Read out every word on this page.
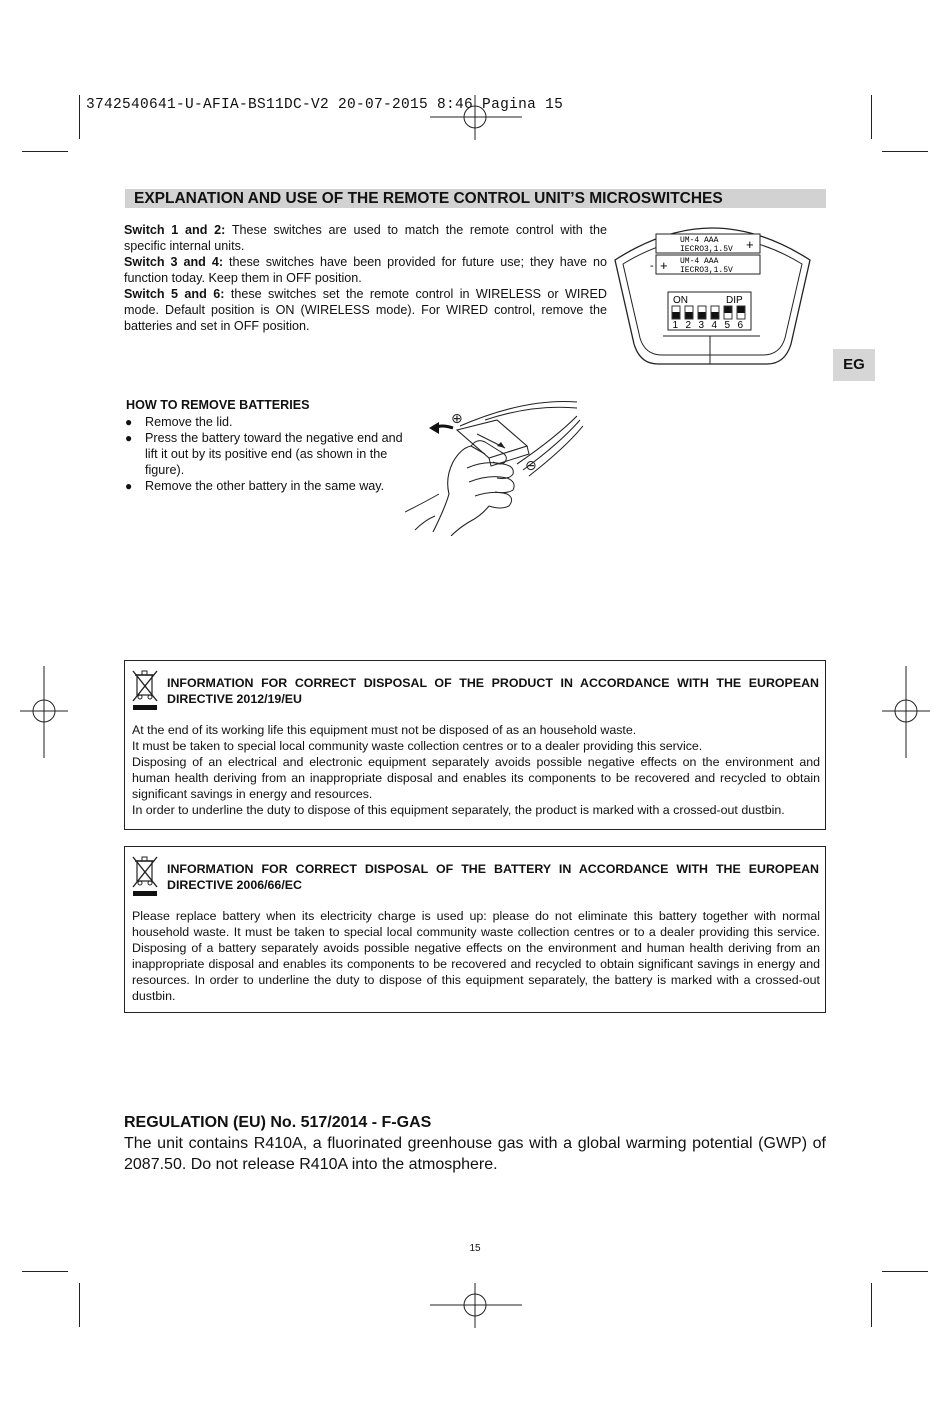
3742540641-U-AFIA-BS11DC-V2 20-07-2015 8:46 Pagina 15
EXPLANATION AND USE OF THE REMOTE CONTROL UNIT’S MICROSWITCHES

Switch 1 and 2: These switches are used to match the remote control with the specific internal units.

Switch 3 and 4: these switches have been provided for future use; they have no function today. Keep them in OFF position.

Switch 5 and 6: these switches set the remote control in WIRELESS or WIRED mode. Default position is ON (WIRELESS mode). For WIRED control, remove the batteries and set in OFF position.

UM-4 AAA
IECRO3,1.5V +
UM-4 AAA
IECRO3,1.5V
+
-
ON	DIP
1 2 3 4 5 6
EG
HOW TO REMOVE BATTERIES
● Remove the lid.
● Press the battery toward the negative end and lift it out by its positive end (as shown in the figure).
● Remove the other battery in the same way.
⊕
⊖
INFORMATION FOR CORRECT DISPOSAL OF THE PRODUCT IN ACCORDANCE WITH THE EUROPEAN DIRECTIVE 2012/19/EU

At the end of its working life this equipment must not be disposed of as an household waste.

It must be taken to special local community waste collection centres or to a dealer providing this service.

Disposing of an electrical and electronic equipment separately avoids possible negative effects on the environment and human health deriving from an inappropriate disposal and enables its components to be recovered and recycled to obtain significant savings in energy and resources.

In order to underline the duty to dispose of this equipment separately, the product is marked with a crossed-out dustbin.

INFORMATION FOR CORRECT DISPOSAL OF THE BATTERY IN ACCORDANCE WITH THE EUROPEAN DIRECTIVE 2006/66/EC
Please replace battery when its electricity charge is used up: please do not eliminate this battery together with normal household waste. It must be taken to special local community waste collection centres or to a dealer providing this service. Disposing of a battery separately avoids possible negative effects on the environment and human health deriving from an inappropriate disposal and enables its components to be recovered and recycled to obtain significant savings in energy and resources. In order to underline the duty to dispose of this equipment separately, the battery is marked with a crossed-out dustbin.
REGULATION (EU) No. 517/2014 - F-GAS
The unit contains R410A, a fluorinated greenhouse gas with a global warming potential (GWP) of 2087.50. Do not release R410A into the atmosphere.
15
